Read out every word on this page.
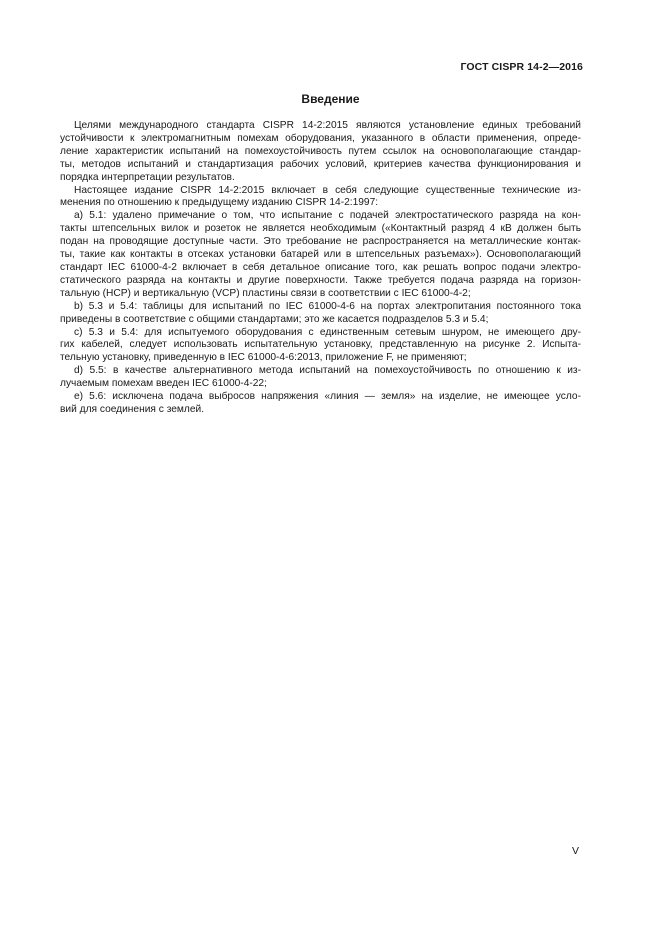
ГОСТ CISPR 14-2—2016
Введение
Целями международного стандарта CISPR 14-2:2015 являются установление единых требований
устойчивости к электромагнитным помехам оборудования, указанного в области применения, опреде-
ление характеристик испытаний на помехоустойчивость путем ссылок на основополагающие стандар-
ты, методов испытаний и стандартизация рабочих условий, критериев качества функционирования и
порядка интерпретации результатов.
Настоящее издание CISPR 14-2:2015 включает в себя следующие существенные технические из-
менения по отношению к предыдущему изданию CISPR 14-2:1997:
а) 5.1: удалено примечание о том, что испытание с подачей электростатического разряда на кон-
такты штепсельных вилок и розеток не является необходимым («Контактный разряд 4 кВ должен быть
подан на проводящие доступные части. Это требование не распространяется на металлические контак-
ты, такие как контакты в отсеках установки батарей или в штепсельных разъемах»). Основополагающий
стандарт IEC 61000-4-2 включает в себя детальное описание того, как решать вопрос подачи электро-
статического разряда на контакты и другие поверхности. Также требуется подача разряда на горизон-
тальную (HCP) и вертикальную (VCP) пластины связи в соответствии с IEC 61000-4-2;
b) 5.3 и 5.4: таблицы для испытаний по IEC 61000-4-6 на портах электропитания постоянного тока
приведены в соответствие с общими стандартами; это же касается подразделов 5.3 и 5.4;
c) 5.3 и 5.4: для испытуемого оборудования с единственным сетевым шнуром, не имеющего дру-
гих кабелей, следует использовать испытательную установку, представленную на рисунке 2. Испыта-
тельную установку, приведенную в IEC 61000-4-6:2013, приложение F, не применяют;
d) 5.5: в качестве альтернативного метода испытаний на помехоустойчивость по отношению к из-
лучаемым помехам введен IEC 61000-4-22;
e) 5.6: исключена подача выбросов напряжения «линия — земля» на изделие, не имеющее усло-
вий для соединения с землей.
V
